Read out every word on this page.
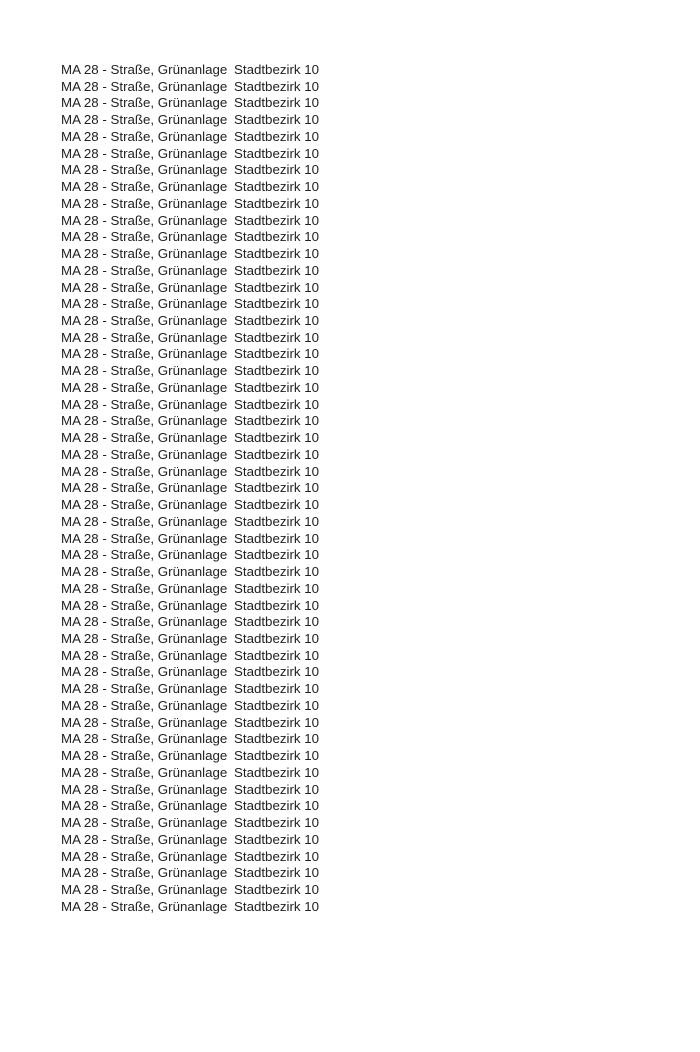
MA 28 - Straße, Grünanlage	Stadtbezirk 10
MA 28 - Straße, Grünanlage	Stadtbezirk 10
MA 28 - Straße, Grünanlage	Stadtbezirk 10
MA 28 - Straße, Grünanlage	Stadtbezirk 10
MA 28 - Straße, Grünanlage	Stadtbezirk 10
MA 28 - Straße, Grünanlage	Stadtbezirk 10
MA 28 - Straße, Grünanlage	Stadtbezirk 10
MA 28 - Straße, Grünanlage	Stadtbezirk 10
MA 28 - Straße, Grünanlage	Stadtbezirk 10
MA 28 - Straße, Grünanlage	Stadtbezirk 10
MA 28 - Straße, Grünanlage	Stadtbezirk 10
MA 28 - Straße, Grünanlage	Stadtbezirk 10
MA 28 - Straße, Grünanlage	Stadtbezirk 10
MA 28 - Straße, Grünanlage	Stadtbezirk 10
MA 28 - Straße, Grünanlage	Stadtbezirk 10
MA 28 - Straße, Grünanlage	Stadtbezirk 10
MA 28 - Straße, Grünanlage	Stadtbezirk 10
MA 28 - Straße, Grünanlage	Stadtbezirk 10
MA 28 - Straße, Grünanlage	Stadtbezirk 10
MA 28 - Straße, Grünanlage	Stadtbezirk 10
MA 28 - Straße, Grünanlage	Stadtbezirk 10
MA 28 - Straße, Grünanlage	Stadtbezirk 10
MA 28 - Straße, Grünanlage	Stadtbezirk 10
MA 28 - Straße, Grünanlage	Stadtbezirk 10
MA 28 - Straße, Grünanlage	Stadtbezirk 10
MA 28 - Straße, Grünanlage	Stadtbezirk 10
MA 28 - Straße, Grünanlage	Stadtbezirk 10
MA 28 - Straße, Grünanlage	Stadtbezirk 10
MA 28 - Straße, Grünanlage	Stadtbezirk 10
MA 28 - Straße, Grünanlage	Stadtbezirk 10
MA 28 - Straße, Grünanlage	Stadtbezirk 10
MA 28 - Straße, Grünanlage	Stadtbezirk 10
MA 28 - Straße, Grünanlage	Stadtbezirk 10
MA 28 - Straße, Grünanlage	Stadtbezirk 10
MA 28 - Straße, Grünanlage	Stadtbezirk 10
MA 28 - Straße, Grünanlage	Stadtbezirk 10
MA 28 - Straße, Grünanlage	Stadtbezirk 10
MA 28 - Straße, Grünanlage	Stadtbezirk 10
MA 28 - Straße, Grünanlage	Stadtbezirk 10
MA 28 - Straße, Grünanlage	Stadtbezirk 10
MA 28 - Straße, Grünanlage	Stadtbezirk 10
MA 28 - Straße, Grünanlage	Stadtbezirk 10
MA 28 - Straße, Grünanlage	Stadtbezirk 10
MA 28 - Straße, Grünanlage	Stadtbezirk 10
MA 28 - Straße, Grünanlage	Stadtbezirk 10
MA 28 - Straße, Grünanlage	Stadtbezirk 10
MA 28 - Straße, Grünanlage	Stadtbezirk 10
MA 28 - Straße, Grünanlage	Stadtbezirk 10
MA 28 - Straße, Grünanlage	Stadtbezirk 10
MA 28 - Straße, Grünanlage	Stadtbezirk 10
MA 28 - Straße, Grünanlage	Stadtbezirk 10
